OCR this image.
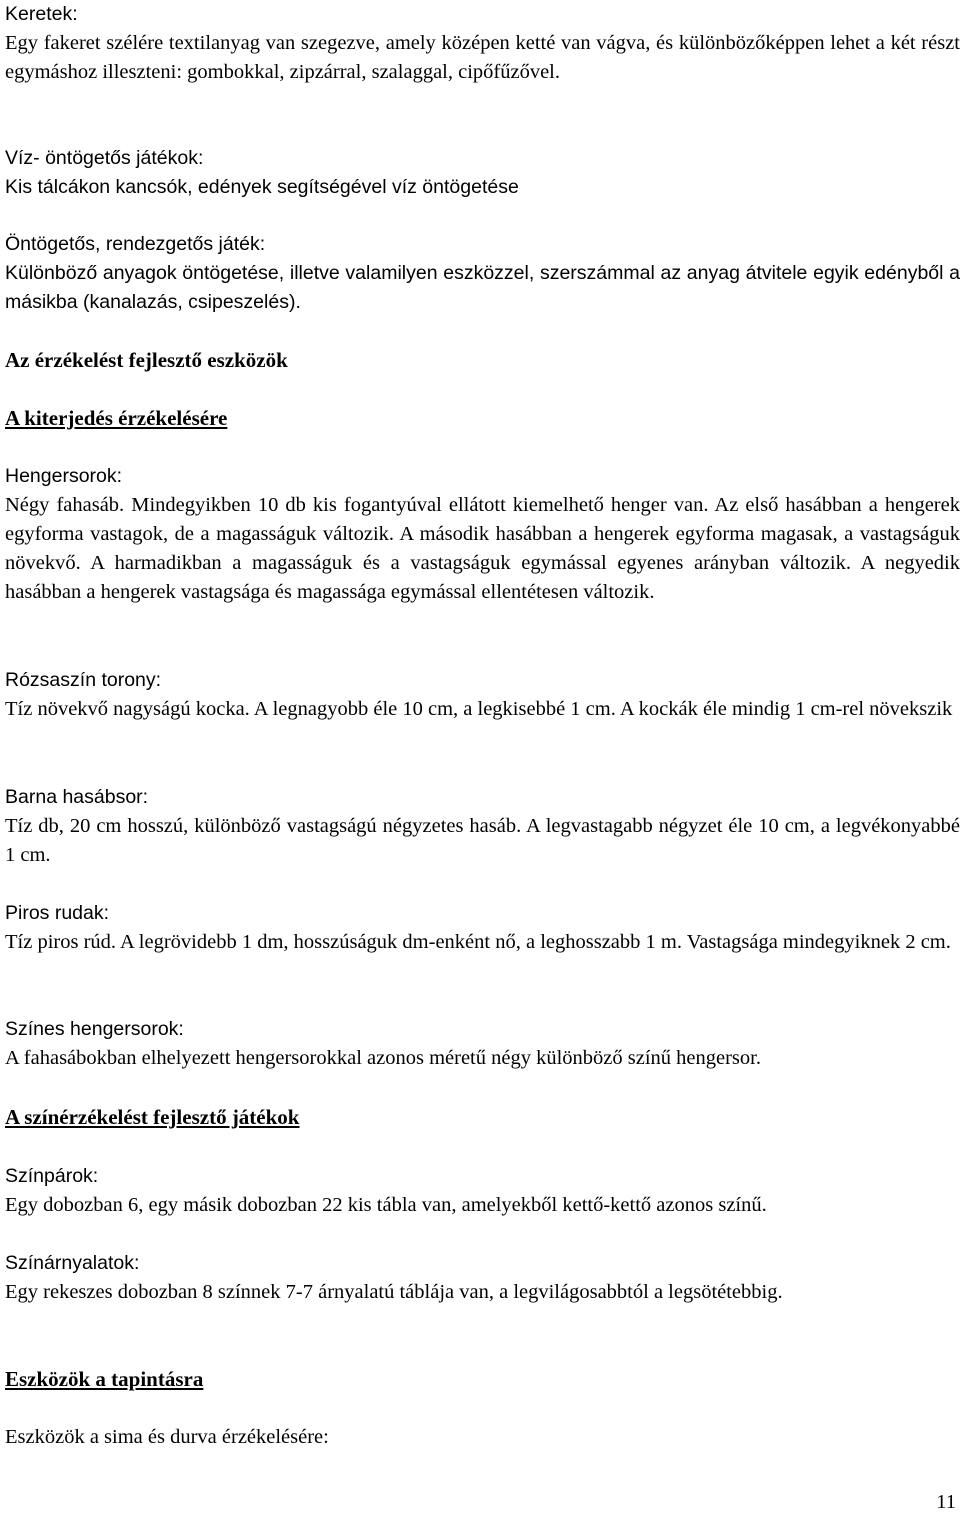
Keretek:
Egy fakeret szélére textilanyag van szegezve, amely középen ketté van vágva, és különbözőképpen lehet a két részt egymáshoz illeszteni: gombokkal, zipzárral, szalaggal, cipőfűzővel.
Víz- öntögetős játékok:
Kis tálcákon kancsók, edények segítségével víz öntögetése
Öntögetős, rendezgetős játék:
Különböző anyagok öntögetése, illetve valamilyen eszközzel, szerszámmal az anyag átvitele egyik edényből a másikba (kanalazás, csipeszelés).
Az érzékelést fejlesztő eszközök
A kiterjedés érzékelésére
Hengersorok:
Négy fahasáb. Mindegyikben 10 db kis fogantyúval ellátott kiemelhető henger van. Az első hasábban a hengerek egyforma vastagok, de a magasságuk változik. A második hasábban a hengerek egyforma magasak, a vastagságuk növekvő. A harmadikban a magasságuk és a vastagságuk egymással egyenes arányban változik. A negyedik hasábban a hengerek vastagsága és magassága egymással ellentétesen változik.
Rózsaszín torony:
Tíz növekvő nagyságú kocka. A legnagyobb éle 10 cm, a legkisebbé 1 cm. A kockák éle mindig 1 cm-rel növekszik
Barna hasábsor:
Tíz db, 20 cm hosszú, különböző vastagságú négyzetes hasáb. A legvastagabb négyzet éle 10 cm, a legvékonyabbé 1 cm.
Piros rudak:
Tíz piros rúd. A legrövidebb 1 dm, hosszúságuk dm-enként nő, a leghosszabb 1 m. Vastagsága mindegyiknek 2 cm.
Színes hengersorok:
A fahasábokban elhelyezett hengersorokkal azonos méretű négy különböző színű hengersor.
A színérzékelést fejlesztő játékok
Színpárok:
Egy dobozban 6, egy másik dobozban 22 kis tábla van, amelyekből kettő-kettő azonos színű.
Színárnyalatok:
Egy rekeszes dobozban 8 színnek 7-7 árnyalatú táblája van, a legvilágosabbtól a legsötétebbig.
Eszközök a tapintásra
Eszközök a sima és durva érzékelésére:
11
